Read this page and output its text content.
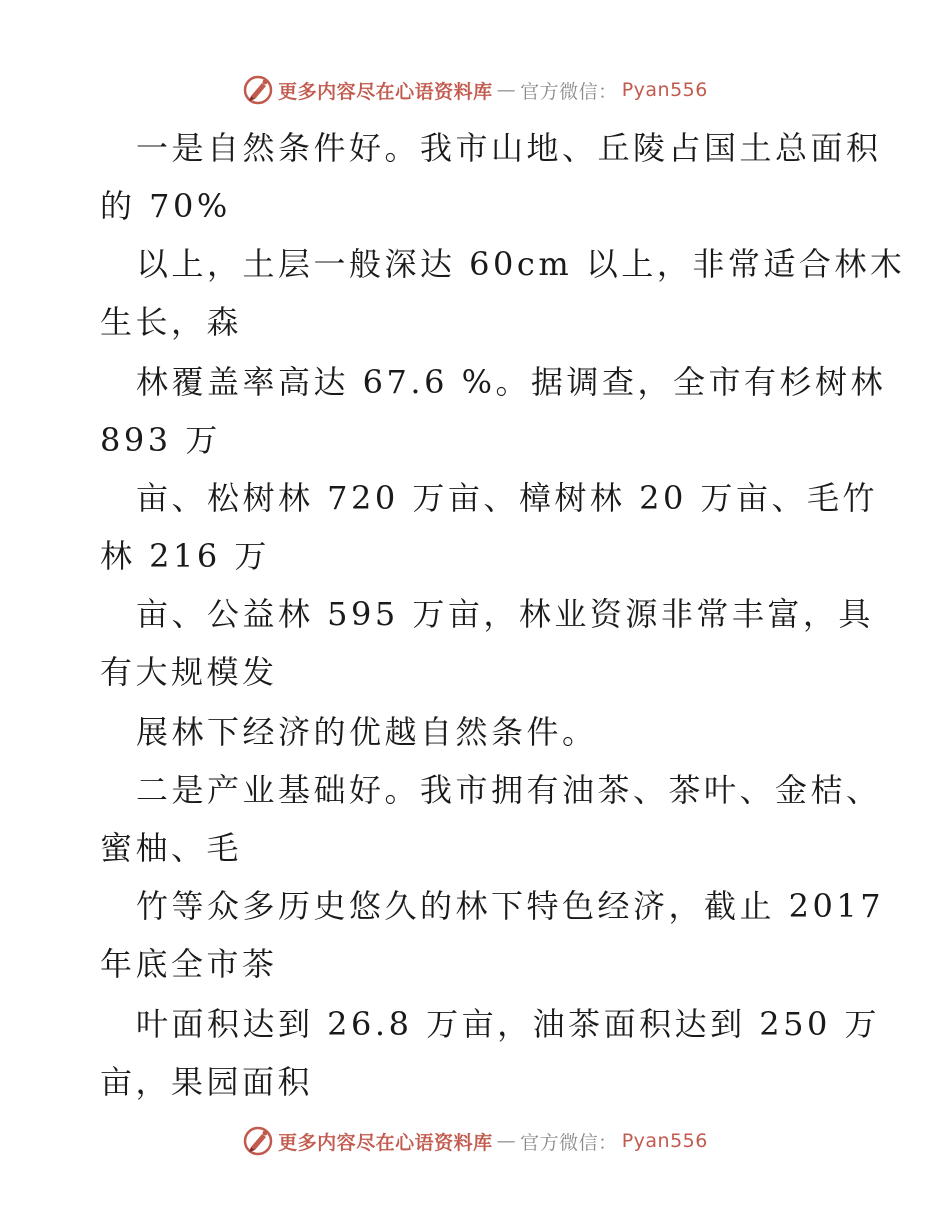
更多内容尽在心语资料库 — 官方微信： Pyan556
一是自然条件好。我市山地、丘陵占国土总面积
的 70%
以上，土层一般深达 60cm 以上，非常适合林木
生长，森
林覆盖率高达 67.6 %。据调查，全市有杉树林
893 万
亩、松树林 720 万亩、樟树林 20 万亩、毛竹
林 216 万
亩、公益林 595 万亩，林业资源非常丰富，具
有大规模发
展林下经济的优越自然条件。
二是产业基础好。我市拥有油茶、茶叶、金桔、
蜜柚、毛
竹等众多历史悠久的林下特色经济，截止 2017
年底全市茶
叶面积达到 26.8 万亩，油茶面积达到 250 万
亩，果园面积
更多内容尽在心语资料库 — 官方微信： Pyan556
